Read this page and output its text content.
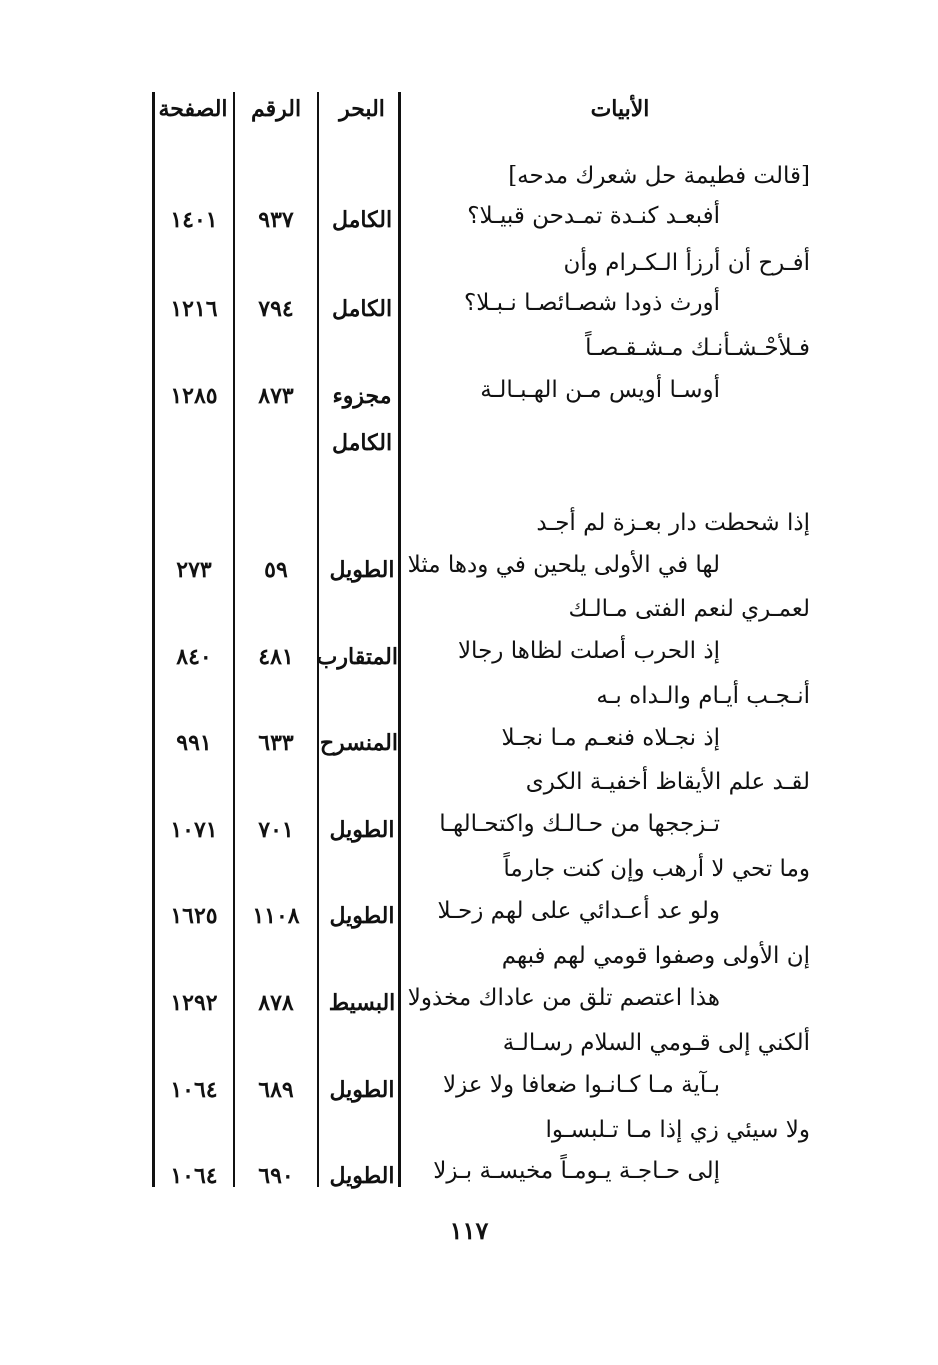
الأبيات
البحر
الرقم
الصفحة
[قالت فطيمة حل شعرك مدحه]
أفبعـد كنـدة تمـدحن قبيـلا؟
الكامل
٩٣٧
١٤٠١
أفـرح أن أرزأ الـكـرام وأن
أورث ذودا شصـائصـا نـبـلا؟
الكامل
٧٩٤
١٢١٦
فـلأحْـشـأنـك مـشـقـصـاً
أوسـا أويس مـن الهـبـالـة
مجزوء
الكامل
٨٧٣
١٢٨٥
إذا شحطت دار بعـزة لم أجـد
لها في الأولى يلحين في ودها مثلا
الطويل
٥٩
٢٧٣
لعمـري لنعم الفتى مـالـك
إذ الحرب أصلت لظاها رجالا
المتقارب
٤٨١
٨٤٠
أنـجـب أيـام والـداه بـه
إذ نجـلاه فنعـم مـا نجـلا
المنسرح
٦٣٣
٩٩١
لقـد علم الأيقاظ أخفيـة الكرى
تـزججها من حـالـك واكتحـالهـا
الطويل
٧٠١
١٠٧١
وما تحي لا أرهب وإن كنت جارماً
ولو عد أعـدائي على لهم زحـلا
الطويل
١١٠٨
١٦٢٥
إن الأولى وصفوا قومي لهم فبهم
هذا اعتصم تلق من عاداك مخذولا
البسيط
٨٧٨
١٢٩٢
ألكني إلى قـومي السلام رسـالـة
بـآية مـا كـانـوا ضعافا ولا عزلا
الطويل
٦٨٩
١٠٦٤
ولا سيئي زي إذا مـا تـلبسـوا
إلى حـاجـة يـومـاً مخيسـة بـزلا
الطويل
٦٩٠
١٠٦٤
١١٧
